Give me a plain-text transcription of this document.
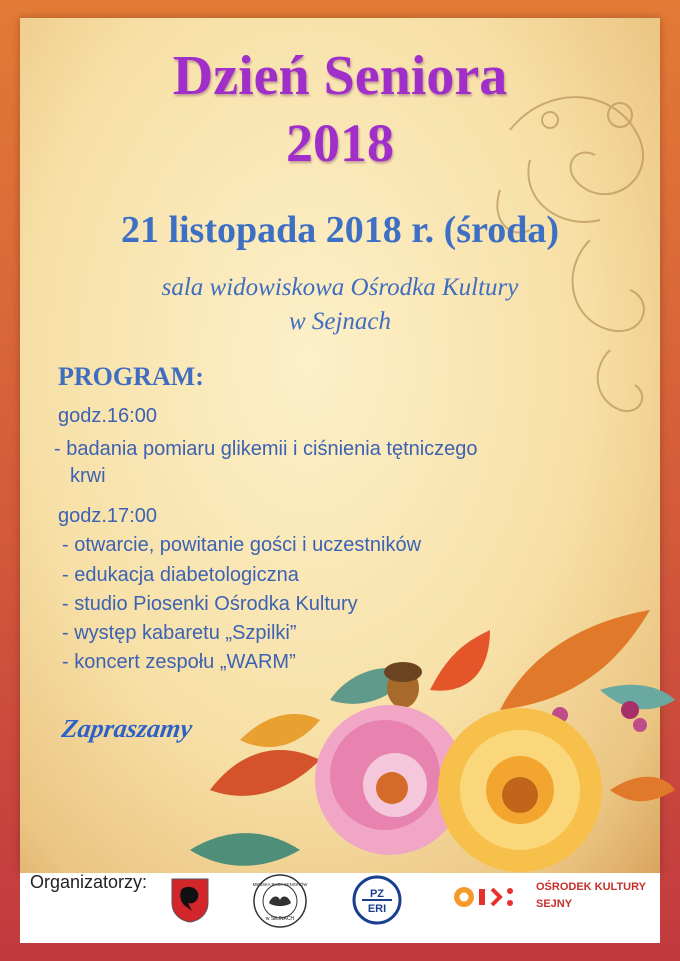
Dzień Seniora
2018
21 listopada 2018 r. (środa)
sala widowiskowa Ośrodka Kultury
w Sejnach
PROGRAM:
godz.16:00
- badania pomiaru glikemii i ciśnienia tętniczego
krwi
godz.17:00
- otwarcie, powitanie gości i uczestników
- edukacja diabetologiczna
- studio Piosenki Ośrodka Kultury
- występ kabaretu „Szpilki”
- koncert zespołu „WARM”
Zapraszamy
Organizatorzy:
w SEJNACH
MIEJSKA RADA SENIORÓW
PZ
ERI
OŚRODEK KULTURY
SEJNY
